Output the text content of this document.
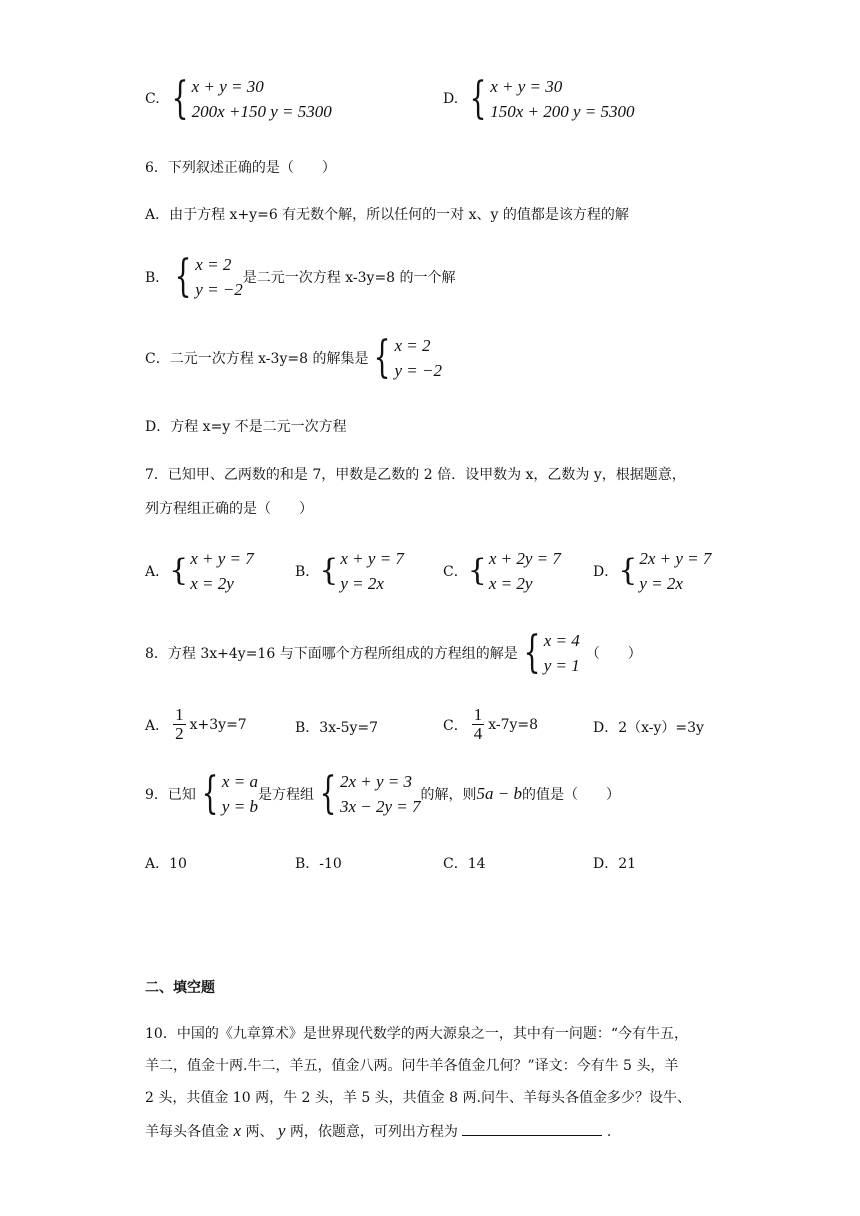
C. { x + y = 30
200x +150 y = 5300
D. { x + y = 30
150x + 200 y = 5300
6．下列叙述正确的是（　　）
A．由于方程 x+y=6 有无数个解，所以任何的一对 x、y 的值都是该方程的解
B． { x = 2
y = −2
是二元一次方程 x-3y=8 的一个解
C．二元一次方程 x-3y=8 的解集是 { x = 2
y = −2
D．方程 x=y 不是二元一次方程
7．已知甲、乙两数的和是 7，甲数是乙数的 2 倍．设甲数为 x，乙数为 y，根据题意，
列方程组正确的是（　　）
A． { x + y = 7
x = 2y
B． { x + y = 7
y = 2x
C． { x + 2y = 7
x = 2y
D． { 2x + y = 7
y = 2x
8．方程 3x+4y=16 与下面哪个方程所组成的方程组的解是 { x = 4
y = 1
（　　）
A． $\frac{1}{2} x+3y=7$	B．3x-5y=7	C． $\frac{1}{4} x-7y=8$	D．2（x-y）=3y
9．已知 { x = a
y = b
是方程组 { 2x + y = 3
3x − 2y = 7
的解，则 5a − b 的值是（　　）
A．10	B．-10	C．14	D．21
二、填空题
10．中国的《九章算术》是世界现代数学的两大源泉之一，其中有一问题：“今有牛五，
羊二，值金十两.牛二，羊五，值金八两。问牛羊各值金几何？”译文：今有牛 5 头，羊
2 头，共值金 10 两，牛 2 头，羊 5 头，共值金 8 两.问牛、羊每头各值金多少？设牛、
羊每头各值金 x 两、 y 两，依题意，可列出方程为	.
